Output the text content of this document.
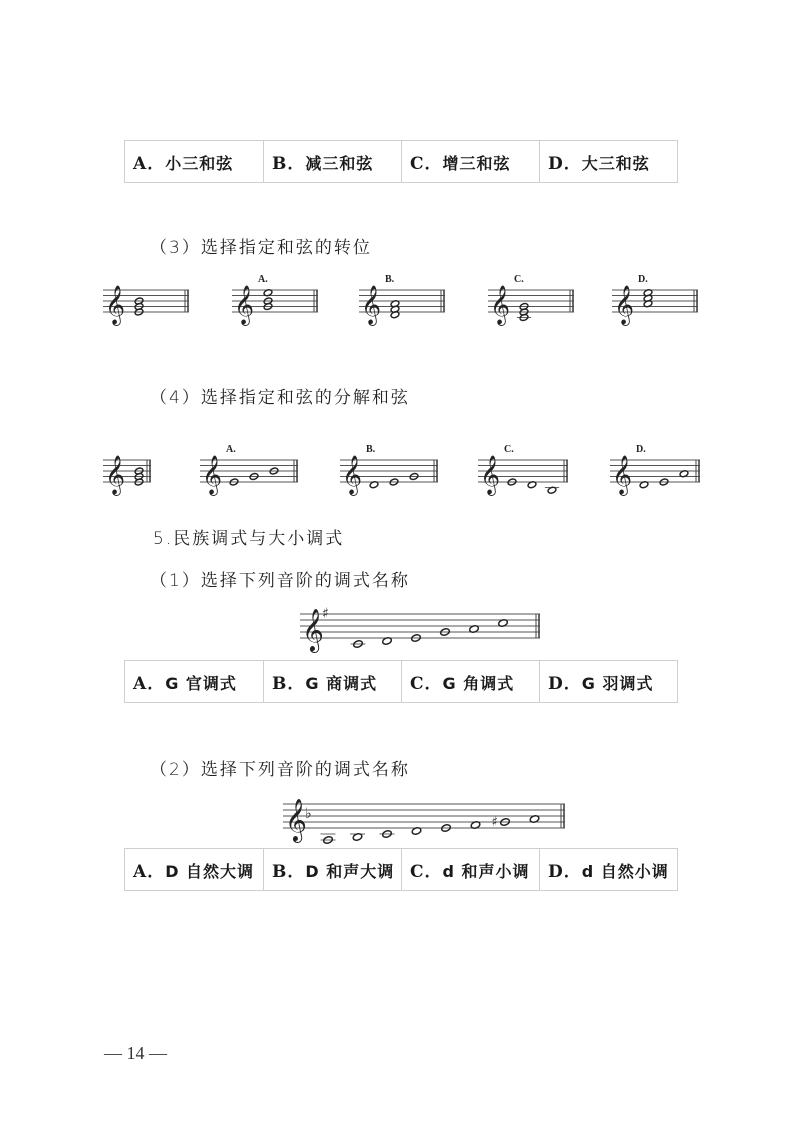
A．小三和弦	B．减三和弦	C．增三和弦	D．大三和弦
（3）选择指定和弦的转位
𝄞	𝄞
A.
𝄞
B.
𝄞
C.
𝄞
D.
（4）选择指定和弦的分解和弦
𝄞 𝄞
A.
𝄞
B.
𝄞
C.
𝄞
D.
5.民族调式与大小调式
（1）选择下列音阶的调式名称
𝄞
♯
A．G 官调式	B．G 商调式	C．G 角调式	D．G 羽调式
（2）选择下列音阶的调式名称
𝄞
♭
♯
A．D 自然大调	B．D 和声大调	C．d 和声小调	D．d 自然小调
— 14 —
